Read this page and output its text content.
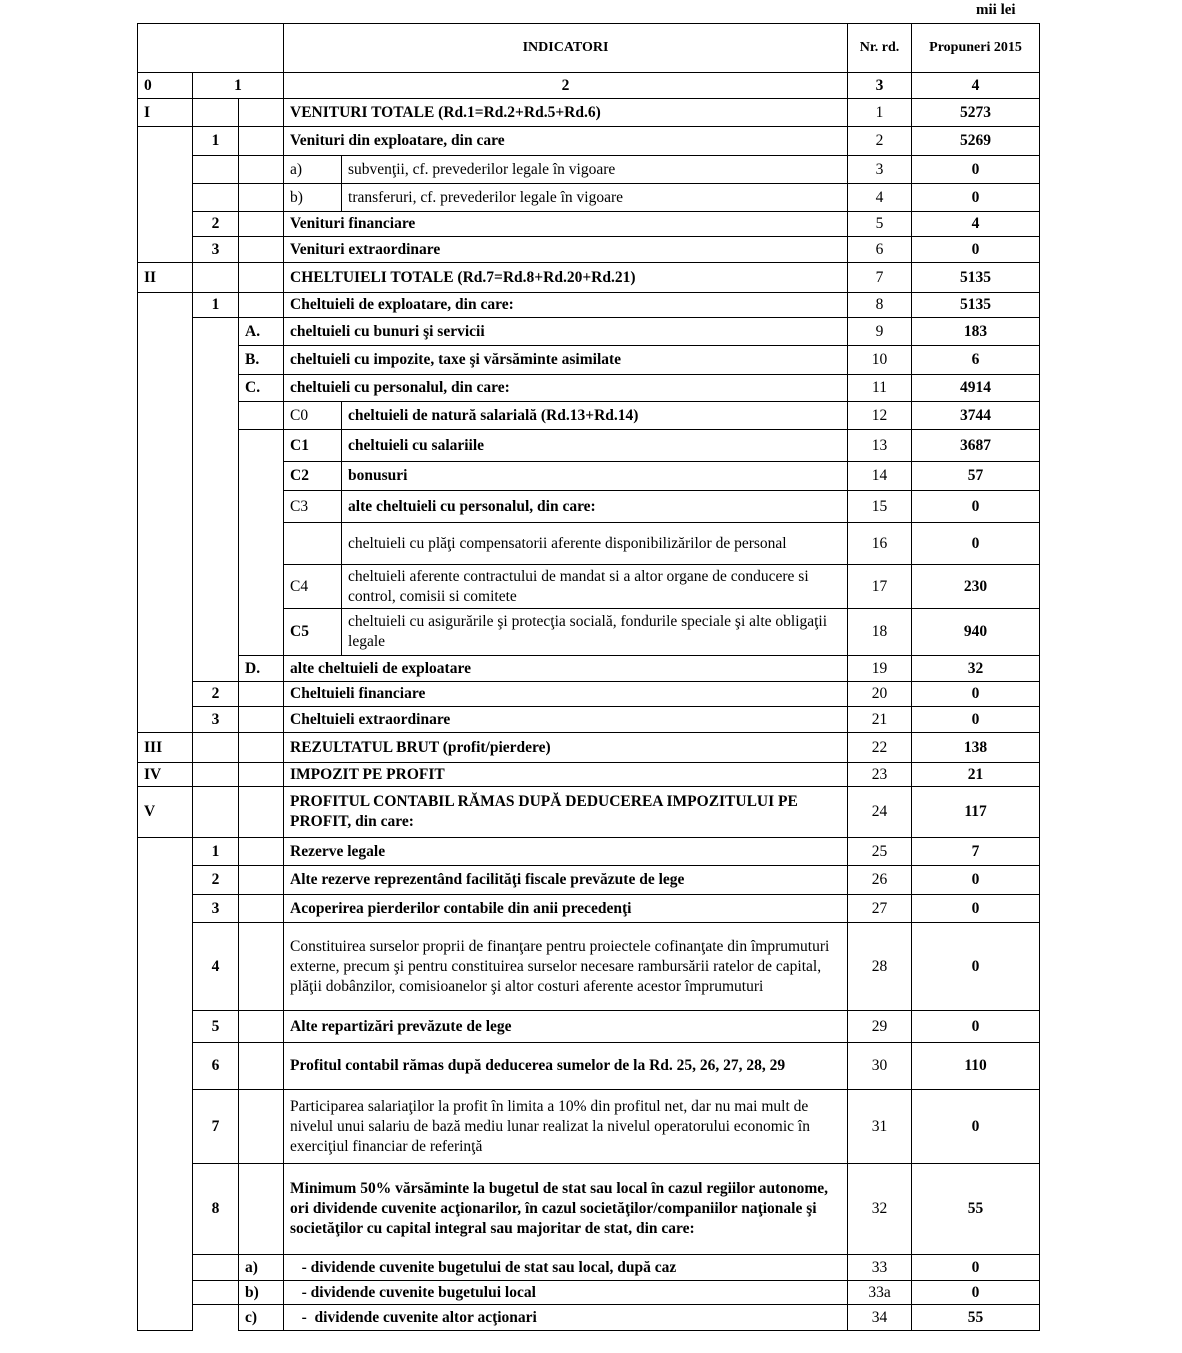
mii lei
			INDICATORI		Nr. rd.	Propuneri 2015
0	1		2		3	4
I			VENITURI TOTALE (Rd.1=Rd.2+Rd.5+Rd.6)		1	5273
	1		Venituri din exploatare, din care		2	5269
			a)	subvenţii, cf. prevederilor legale în vigoare	3	0
			b)	transferuri, cf. prevederilor legale în vigoare	4	0
	2		Venituri financiare		5	4
	3		Venituri extraordinare		6	0
II			CHELTUIELI TOTALE (Rd.7=Rd.8+Rd.20+Rd.21)		7	5135
	1		Cheltuieli de exploatare, din care:		8	5135
		A.	cheltuieli cu bunuri şi servicii		9	183
		B.	cheltuieli cu impozite, taxe şi vărsăminte asimilate		10	6
		C.	cheltuieli cu personalul, din care:		11	4914
			C0	cheltuieli de natură salarială (Rd.13+Rd.14)	12	3744
			C1	cheltuieli cu salariile	13	3687
			C2	bonusuri	14	57
			C3	alte cheltuieli cu personalul, din care:	15	0
				cheltuieli cu plăţi compensatorii aferente disponibilizărilor de personal	16	0
			C4	cheltuieli aferente contractului de mandat si a altor organe de conducere si control, comisii si comitete	17	230
			C5	cheltuieli cu asigurările şi protecţia socială, fondurile speciale şi alte obligaţii legale	18	940
		D.	alte cheltuieli de exploatare		19	32
	2		Cheltuieli financiare		20	0
	3		Cheltuieli extraordinare		21	0
III			REZULTATUL BRUT (profit/pierdere)		22	138
IV			IMPOZIT PE PROFIT		23	21
V			PROFITUL CONTABIL RĂMAS DUPĂ DEDUCEREA IMPOZITULUI PE PROFIT, din care:		24	117
	1		Rezerve legale		25	7
	2		Alte rezerve reprezentând facilităţi fiscale prevăzute de lege		26	0
	3		Acoperirea pierderilor contabile din anii precedenţi		27	0
	4		Constituirea surselor proprii de finanţare pentru proiectele cofinanţate din împrumuturi externe, precum şi pentru constituirea surselor necesare rambursării ratelor de capital, plăţii dobânzilor, comisioanelor şi altor costuri aferente acestor împrumuturi		28	0
	5		Alte repartizări prevăzute de lege		29	0
	6		Profitul contabil rămas după deducerea sumelor de la Rd. 25, 26, 27, 28, 29		30	110
	7		Participarea salariaţilor la profit în limita a 10% din profitul net, dar nu mai mult de nivelul unui salariu de bază mediu lunar realizat la nivelul operatorului economic în exerciţiul financiar de referinţă		31	0
	8		Minimum 50% vărsăminte la bugetul de stat sau local în cazul regiilor autonome, ori dividende cuvenite acţionarilor, în cazul societăţilor/companiilor naţionale şi societăţilor cu capital integral sau majoritar de stat, din care:		32	55
		a)	- dividende cuvenite bugetului de stat sau local, după caz		33	0
		b)	- dividende cuvenite bugetului local		33a	0
		c)	-  dividende cuvenite altor acţionari		34	55
